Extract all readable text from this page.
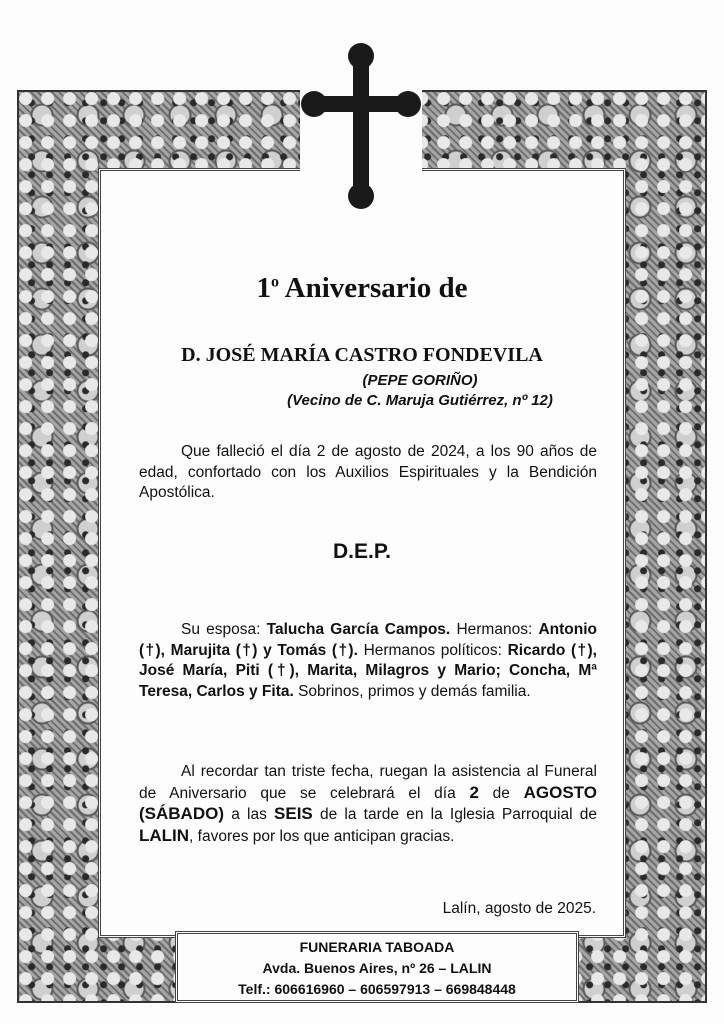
1$^o$ Aniversario de
D. JOSÉ MARÍA CASTRO FONDEVILA
(PEPE GORIÑO)
(Vecino de C. Maruja Gutiérrez, nº 12)
Que falleció el día 2 de agosto de 2024, a los 90 años de edad, confortado con los Auxilios Espirituales y la Bendición Apostólica.
D.E.P.
Su esposa: Talucha García Campos. Hermanos: Antonio (†), Marujita (†) y Tomás (†). Hermanos políticos: Ricardo (†), José María, Piti (†), Marita, Milagros y Mario; Concha, Mª Teresa, Carlos y Fita. Sobrinos, primos y demás familia.
Al recordar tan triste fecha, ruegan la asistencia al Funeral de Aniversario que se celebrará el día 2 de AGOSTO (SÁBADO) a las SEIS de la tarde en la Iglesia Parroquial de LALIN, favores por los que anticipan gracias.
Lalín, agosto de 2025.
FUNERARIA TABOADA
Avda. Buenos Aires, nº 26 – LALIN
Telf.: 606616960 – 606597913 – 669848448
